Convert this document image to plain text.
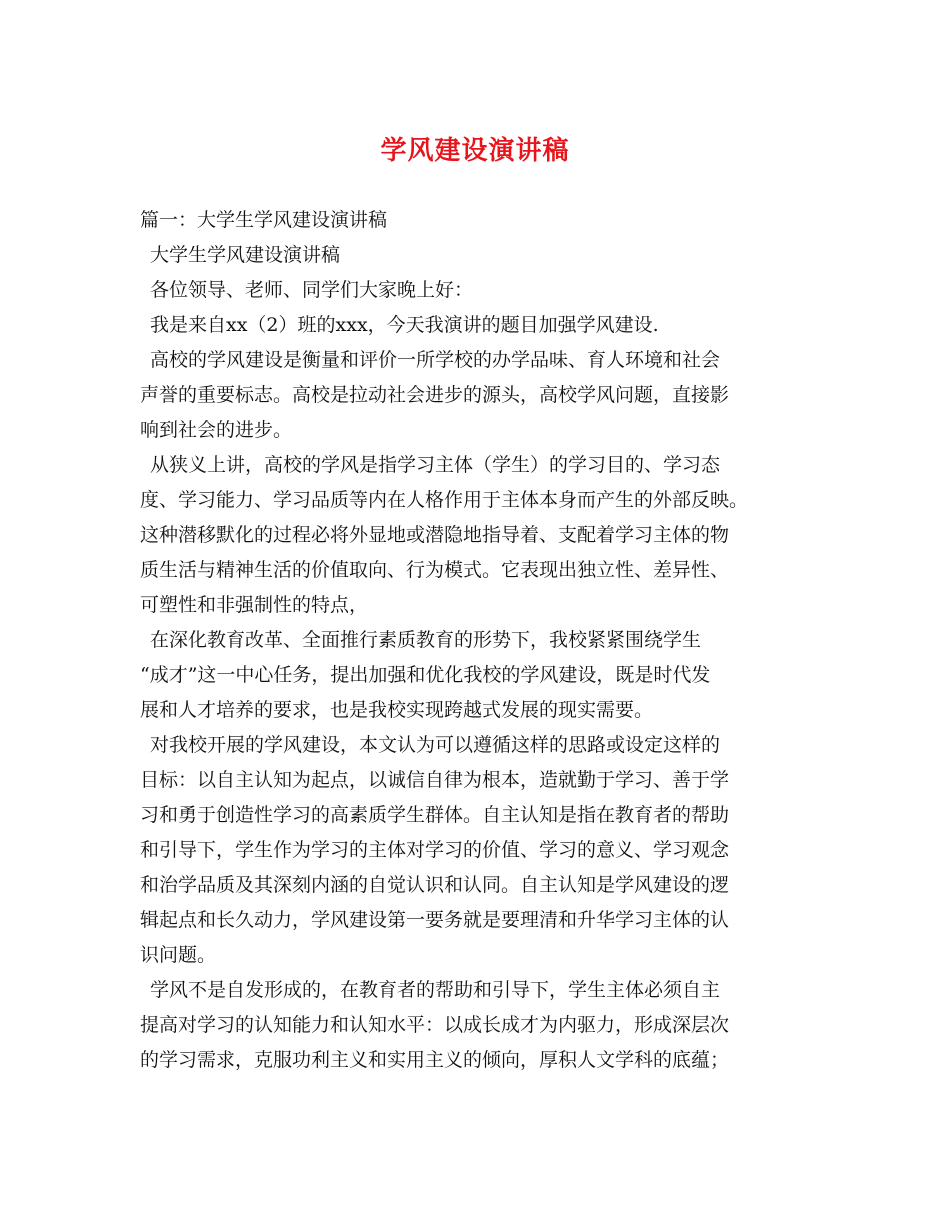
学风建设演讲稿
篇一：大学生学风建设演讲稿
大学生学风建设演讲稿
各位领导、老师、同学们大家晚上好：
我是来自xx（2）班的xxx，今天我演讲的题目加强学风建设.
高校的学风建设是衡量和评价一所学校的办学品味、育人环境和社会
声誉的重要标志。高校是拉动社会进步的源头，高校学风问题，直接影
响到社会的进步。
从狭义上讲，高校的学风是指学习主体（学生）的学习目的、学习态
度、学习能力、学习品质等内在人格作用于主体本身而产生的外部反映。
这种潜移默化的过程必将外显地或潜隐地指导着、支配着学习主体的物
质生活与精神生活的价值取向、行为模式。它表现出独立性、差异性、
可塑性和非强制性的特点，
在深化教育改革、全面推行素质教育的形势下，我校紧紧围绕学生
“成才”这一中心任务，提出加强和优化我校的学风建设，既是时代发
展和人才培养的要求，也是我校实现跨越式发展的现实需要。
对我校开展的学风建设，本文认为可以遵循这样的思路或设定这样的
目标：以自主认知为起点，以诚信自律为根本，造就勤于学习、善于学
习和勇于创造性学习的高素质学生群体。自主认知是指在教育者的帮助
和引导下，学生作为学习的主体对学习的价值、学习的意义、学习观念
和治学品质及其深刻内涵的自觉认识和认同。自主认知是学风建设的逻
辑起点和长久动力，学风建设第一要务就是要理清和升华学习主体的认
识问题。
学风不是自发形成的，在教育者的帮助和引导下，学生主体必须自主
提高对学习的认知能力和认知水平：以成长成才为内驱力，形成深层次
的学习需求，克服功利主义和实用主义的倾向，厚积人文学科的底蕴；
